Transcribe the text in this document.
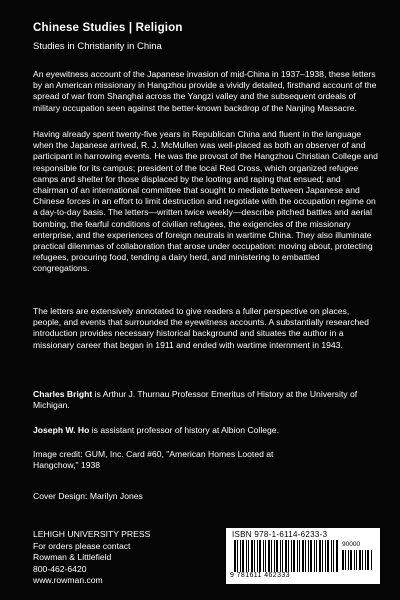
Chinese Studies | Religion
Studies in Christianity in China

An eyewitness account of the Japanese invasion of mid-China in 1937–1938, these letters by an American missionary in Hangzhou provide a vividly detailed, firsthand account of the spread of war from Shanghai across the Yangzi valley and the subsequent ordeals of military occupation seen against the better-known backdrop of the Nanjing Massacre.

Having already spent twenty-five years in Republican China and fluent in the language when the Japanese arrived, R. J. McMullen was well-placed as both an observer of and participant in harrowing events. He was the provost of the Hangzhou Christian College and responsible for its campus; president of the local Red Cross, which organized refugee camps and shelter for those displaced by the looting and raping that ensued; and chairman of an international committee that sought to mediate between Japanese and Chinese forces in an effort to limit destruction and negotiate with the occupation regime on a day-to-day basis. The letters—written twice weekly—describe pitched battles and aerial bombing, the fearful conditions of civilian refugees, the exigencies of the missionary enterprise, and the experiences of foreign neutrals in wartime China. They also illuminate practical dilemmas of collaboration that arose under occupation: moving about, protecting refugees, procuring food, tending a dairy herd, and ministering to embattled congregations.

The letters are extensively annotated to give readers a fuller perspective on places, people, and events that surrounded the eyewitness accounts. A substantially researched introduction provides necessary historical background and situates the author in a missionary career that began in 1911 and ended with wartime internment in 1943.

Charles Bright is Arthur J. Thurnau Professor Emeritus of History at the University of Michigan.
Joseph W. Ho is assistant professor of history at Albion College.
Image credit: GUM, Inc. Card #60, "American Homes Looted at Hangchow," 1938
Cover Design: Marilyn Jones
LEHIGH UNIVERSITY PRESS
For orders please contact
Rowman & Littlefield
800-462-6420
www.rowman.com
ISBN 978-1-6114-6233-3
90000
9 781611 462333
